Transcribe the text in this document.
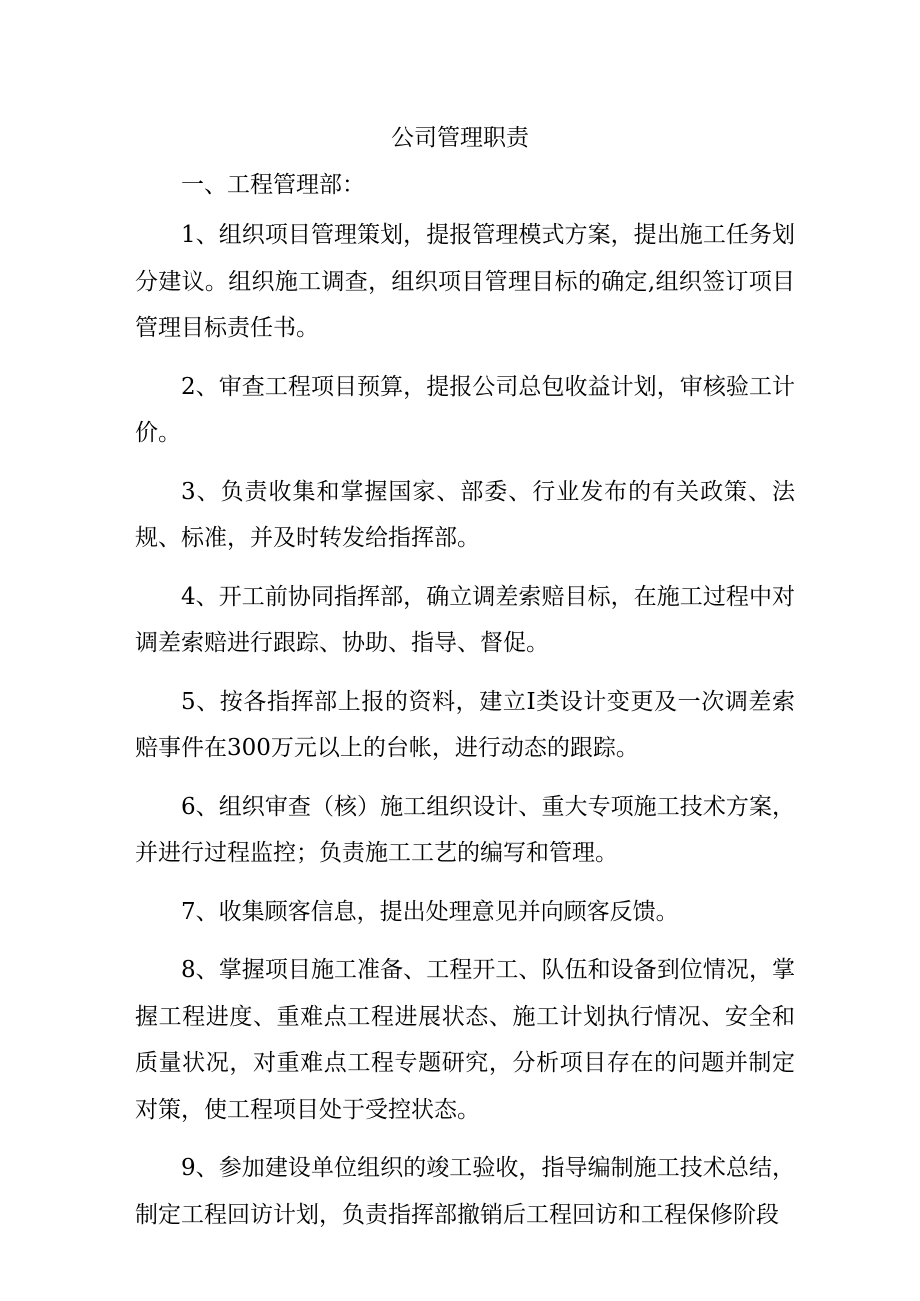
公司管理职责
一、工程管理部：

1、组织项目管理策划，提报管理模式方案，提出施工任务划分建议。组织施工调查，组织项目管理目标的确定,组织签订项目管理目标责任书。

2、审查工程项目预算，提报公司总包收益计划，审核验工计价。

3、负责收集和掌握国家、部委、行业发布的有关政策、法规、标准，并及时转发给指挥部。

4、开工前协同指挥部，确立调差索赔目标，在施工过程中对调差索赔进行跟踪、协助、指导、督促。

5、按各指挥部上报的资料，建立I类设计变更及一次调差索赔事件在300万元以上的台帐，进行动态的跟踪。

6、组织审查（核）施工组织设计、重大专项施工技术方案，并进行过程监控；负责施工工艺的编写和管理。

7、收集顾客信息，提出处理意见并向顾客反馈。

8、掌握项目施工准备、工程开工、队伍和设备到位情况，掌握工程进度、重难点工程进展状态、施工计划执行情况、安全和质量状况，对重难点工程专题研究，分析项目存在的问题并制定对策，使工程项目处于受控状态。

9、参加建设单位组织的竣工验收，指导编制施工技术总结，制定工程回访计划，负责指挥部撤销后工程回访和工程保修阶段
